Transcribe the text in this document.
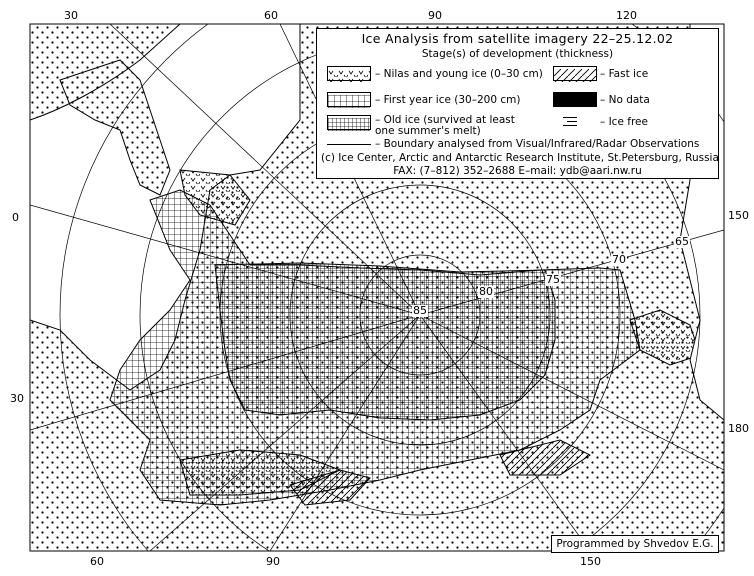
30	60	90	120
60	90	150
0
30
150
180
85
80
75
70
65
Ice Analysis from satellite imagery 22–25.12.02
Stage(s) of development (thickness)
– Nilas and young ice (0–30 cm)	– Fast ice
– First year ice (30–200 cm)	– No data
– Old ice (survived at least
one summer's melt)
– Ice free
– Boundary analysed from Visual/Infrared/Radar Observations
(c) Ice Center, Arctic and Antarctic Research Institute, St.Petersburg, Russia
FAX: (7–812) 352–2688 E–mail: ydb@aari.nw.ru
Programmed by Shvedov E.G.
